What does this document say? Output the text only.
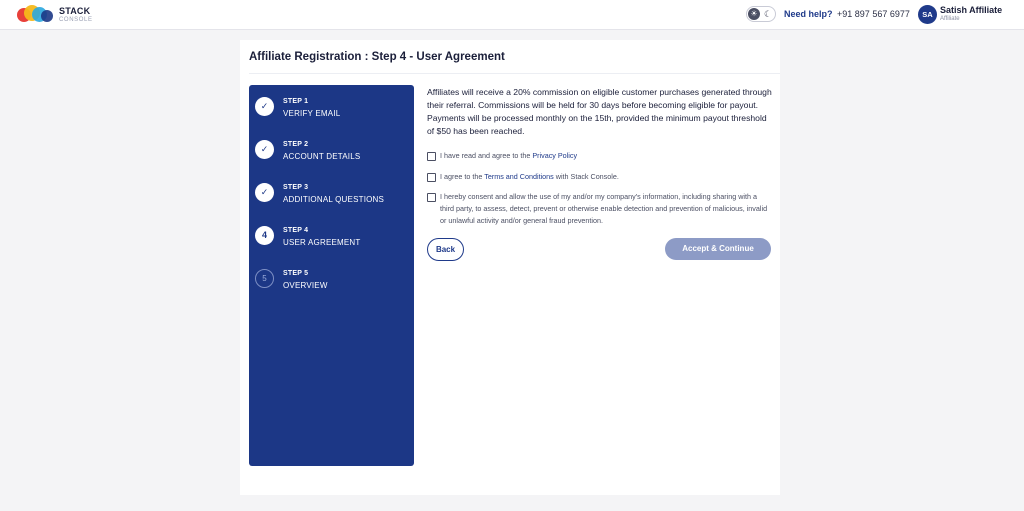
STACK
CONSOLE
☀ ☾ Need help? +91 897 567 6977	SA Satish Affiliate
Affiliate
Affiliate Registration : Step 4 - User Agreement
✓	STEP 1
VERIFY EMAIL
✓	STEP 2
ACCOUNT DETAILS
✓	STEP 3
ADDITIONAL QUESTIONS
4	STEP 4
USER AGREEMENT
5
STEP 5
OVERVIEW

Affiliates will receive a 20% commission on eligible customer purchases generated through their referral. Commissions will be held for 30 days before becoming eligible for payout. Payments will be processed monthly on the 15th, provided the minimum payout threshold of $50 has been reached.

I have read and agree to the Privacy Policy
I agree to the Terms and Conditions with Stack Console.
I hereby consent and allow the use of my and/or my company's information, including sharing with a third party, to assess, detect, prevent or otherwise enable detection and prevention of malicious, invalid or unlawful activity and/or general fraud prevention.
Back	Accept & Continue
